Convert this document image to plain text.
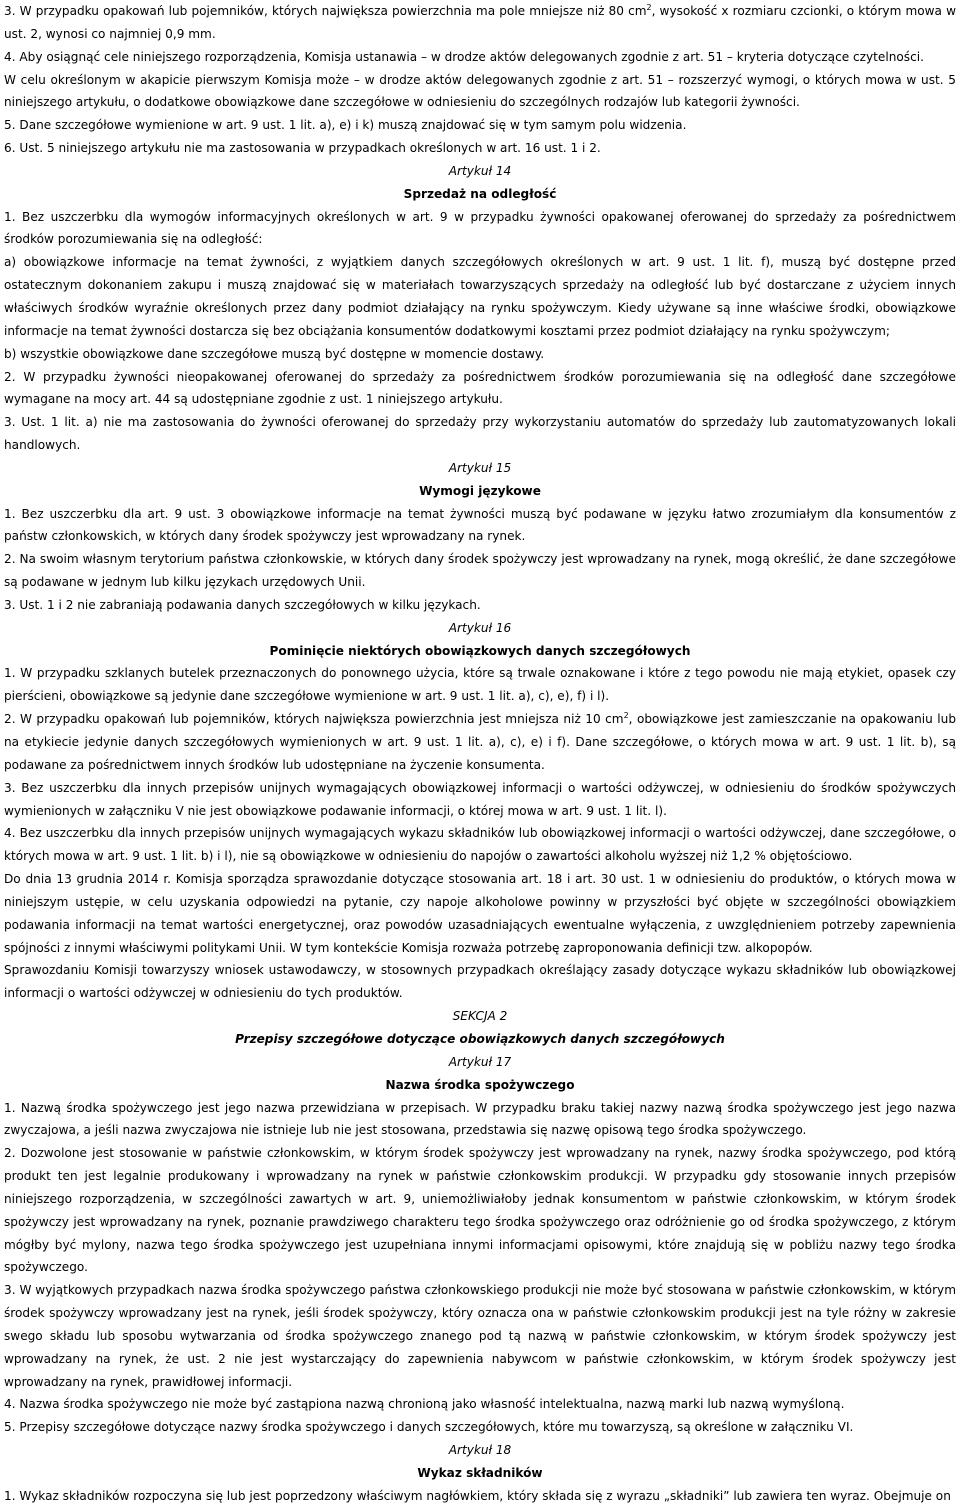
3. W przypadku opakowań lub pojemników, których największa powierzchnia ma pole mniejsze niż 80 $cm^2$, wysokość x rozmiaru czcionki, o którym mowa w ust. 2, wynosi co najmniej 0,9 mm.

4. Aby osiągnąć cele niniejszego rozporządzenia, Komisja ustanawia – w drodze aktów delegowanych zgodnie z art. 51 – kryteria dotyczące czytelności.

W celu określonym w akapicie pierwszym Komisja może – w drodze aktów delegowanych zgodnie z art. 51 – rozszerzyć wymogi, o których mowa w ust. 5 niniejszego artykułu, o dodatkowe obowiązkowe dane szczegółowe w odniesieniu do szczególnych rodzajów lub kategorii żywności.

5. Dane szczegółowe wymienione w art. 9 ust. 1 lit. a), e) i k) muszą znajdować się w tym samym polu widzenia.

6. Ust. 5 niniejszego artykułu nie ma zastosowania w przypadkach określonych w art. 16 ust. 1 i 2.

Artykuł 14

Sprzedaż na odległość

1. Bez uszczerbku dla wymogów informacyjnych określonych w art. 9 w przypadku żywności opakowanej oferowanej do sprzedaży za pośrednictwem środków porozumiewania się na odległość:

a) obowiązkowe informacje na temat żywności, z wyjątkiem danych szczegółowych określonych w art. 9 ust. 1 lit. f), muszą być dostępne przed ostatecznym dokonaniem zakupu i muszą znajdować się w materiałach towarzyszących sprzedaży na odległość lub być dostarczane z użyciem innych właściwych środków wyraźnie określonych przez dany podmiot działający na rynku spożywczym. Kiedy używane są inne właściwe środki, obowiązkowe informacje na temat żywności dostarcza się bez obciążania konsumentów dodatkowymi kosztami przez podmiot działający na rynku spożywczym;

b) wszystkie obowiązkowe dane szczegółowe muszą być dostępne w momencie dostawy.

2. W przypadku żywności nieopakowanej oferowanej do sprzedaży za pośrednictwem środków porozumiewania się na odległość dane szczegółowe wymagane na mocy art. 44 są udostępniane zgodnie z ust. 1 niniejszego artykułu.

3. Ust. 1 lit. a) nie ma zastosowania do żywności oferowanej do sprzedaży przy wykorzystaniu automatów do sprzedaży lub zautomatyzowanych lokali handlowych.

Artykuł 15

Wymogi językowe

1. Bez uszczerbku dla art. 9 ust. 3 obowiązkowe informacje na temat żywności muszą być podawane w języku łatwo zrozumiałym dla konsumentów z państw członkowskich, w których dany środek spożywczy jest wprowadzany na rynek.

2. Na swoim własnym terytorium państwa członkowskie, w których dany środek spożywczy jest wprowadzany na rynek, mogą określić, że dane szczegółowe są podawane w jednym lub kilku językach urzędowych Unii.

3. Ust. 1 i 2 nie zabraniają podawania danych szczegółowych w kilku językach.

Artykuł 16

Pominięcie niektórych obowiązkowych danych szczegółowych

1. W przypadku szklanych butelek przeznaczonych do ponownego użycia, które są trwale oznakowane i które z tego powodu nie mają etykiet, opasek czy pierścieni, obowiązkowe są jedynie dane szczegółowe wymienione w art. 9 ust. 1 lit. a), c), e), f) i l).

2. W przypadku opakowań lub pojemników, których największa powierzchnia jest mniejsza niż 10 $cm^2$, obowiązkowe jest zamieszczanie na opakowaniu lub na etykiecie jedynie danych szczegółowych wymienionych w art. 9 ust. 1 lit. a), c), e) i f). Dane szczegółowe, o których mowa w art. 9 ust. 1 lit. b), są podawane za pośrednictwem innych środków lub udostępniane na życzenie konsumenta.

3. Bez uszczerbku dla innych przepisów unijnych wymagających obowiązkowej informacji o wartości odżywczej, w odniesieniu do środków spożywczych wymienionych w załączniku V nie jest obowiązkowe podawanie informacji, o której mowa w art. 9 ust. 1 lit. l).

4. Bez uszczerbku dla innych przepisów unijnych wymagających wykazu składników lub obowiązkowej informacji o wartości odżywczej, dane szczegółowe, o których mowa w art. 9 ust. 1 lit. b) i l), nie są obowiązkowe w odniesieniu do napojów o zawartości alkoholu wyższej niż 1,2 % objętościowo.

Do dnia 13 grudnia 2014 r. Komisja sporządza sprawozdanie dotyczące stosowania art. 18 i art. 30 ust. 1 w odniesieniu do produktów, o których mowa w niniejszym ustępie, w celu uzyskania odpowiedzi na pytanie, czy napoje alkoholowe powinny w przyszłości być objęte w szczególności obowiązkiem podawania informacji na temat wartości energetycznej, oraz powodów uzasadniających ewentualne wyłączenia, z uwzględnieniem potrzeby zapewnienia spójności z innymi właściwymi politykami Unii. W tym kontekście Komisja rozważa potrzebę zaproponowania definicji tzw. alkopopów.

Sprawozdaniu Komisji towarzyszy wniosek ustawodawczy, w stosownych przypadkach określający zasady dotyczące wykazu składników lub obowiązkowej informacji o wartości odżywczej w odniesieniu do tych produktów.

SEKCJA 2

Przepisy szczegółowe dotyczące obowiązkowych danych szczegółowych

Artykuł 17

Nazwa środka spożywczego

1. Nazwą środka spożywczego jest jego nazwa przewidziana w przepisach. W przypadku braku takiej nazwy nazwą środka spożywczego jest jego nazwa zwyczajowa, a jeśli nazwa zwyczajowa nie istnieje lub nie jest stosowana, przedstawia się nazwę opisową tego środka spożywczego.

2. Dozwolone jest stosowanie w państwie członkowskim, w którym środek spożywczy jest wprowadzany na rynek, nazwy środka spożywczego, pod którą produkt ten jest legalnie produkowany i wprowadzany na rynek w państwie członkowskim produkcji. W przypadku gdy stosowanie innych przepisów niniejszego rozporządzenia, w szczególności zawartych w art. 9, uniemożliwiałoby jednak konsumentom w państwie członkowskim, w którym środek spożywczy jest wprowadzany na rynek, poznanie prawdziwego charakteru tego środka spożywczego oraz odróżnienie go od środka spożywczego, z którym mógłby być mylony, nazwa tego środka spożywczego jest uzupełniana innymi informacjami opisowymi, które znajdują się w pobliżu nazwy tego środka spożywczego.

3. W wyjątkowych przypadkach nazwa środka spożywczego państwa członkowskiego produkcji nie może być stosowana w państwie członkowskim, w którym środek spożywczy wprowadzany jest na rynek, jeśli środek spożywczy, który oznacza ona w państwie członkowskim produkcji jest na tyle różny w zakresie swego składu lub sposobu wytwarzania od środka spożywczego znanego pod tą nazwą w państwie członkowskim, w którym środek spożywczy jest wprowadzany na rynek, że ust. 2 nie jest wystarczający do zapewnienia nabywcom w państwie członkowskim, w którym środek spożywczy jest wprowadzany na rynek, prawidłowej informacji.

4. Nazwa środka spożywczego nie może być zastąpiona nazwą chronioną jako własność intelektualna, nazwą marki lub nazwą wymyśloną.

5. Przepisy szczegółowe dotyczące nazwy środka spożywczego i danych szczegółowych, które mu towarzyszą, są określone w załączniku VI.

Artykuł 18

Wykaz składników

1. Wykaz składników rozpoczyna się lub jest poprzedzony właściwym nagłówkiem, który składa się z wyrazu „składniki” lub zawiera ten wyraz. Obejmuje on
